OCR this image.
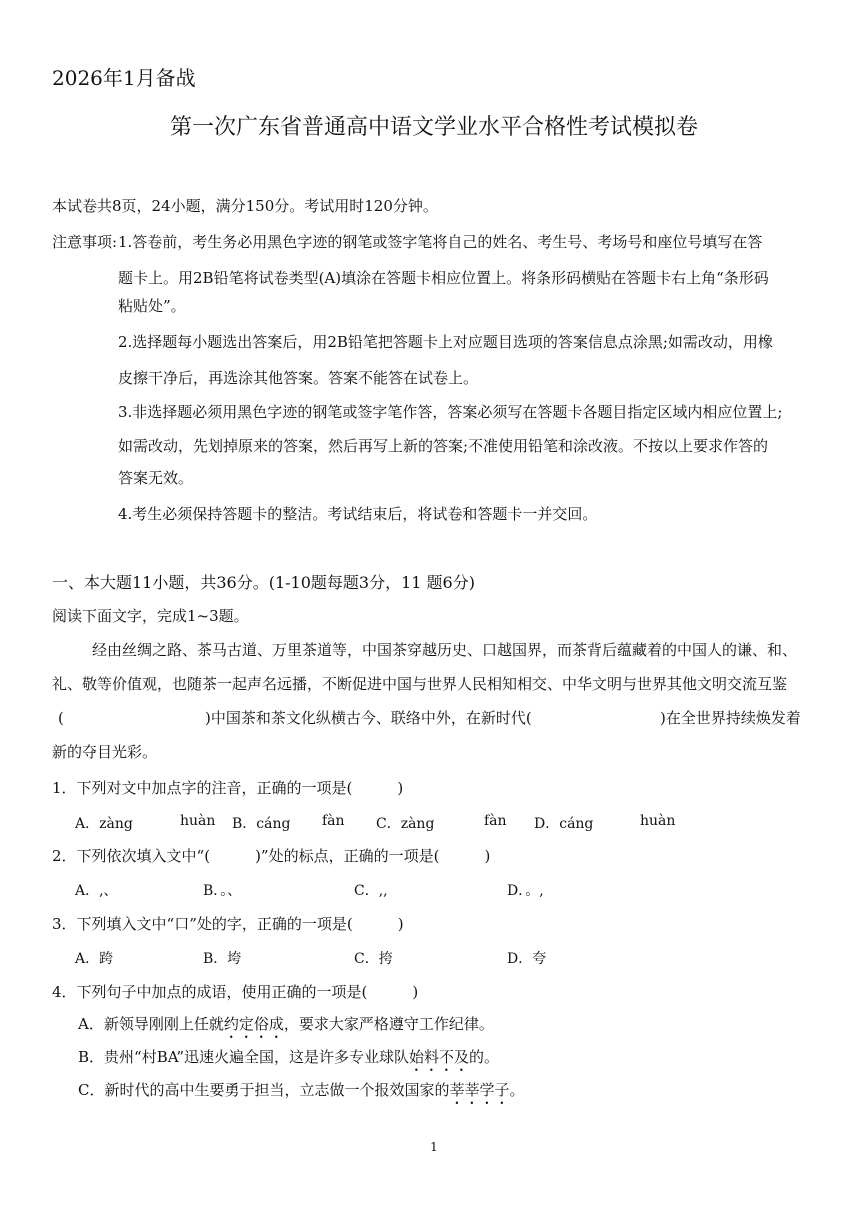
2026年1月备战
第一次广东省普通高中语文学业水平合格性考试模拟卷
本试卷共8页，24小题，满分150分。考试用时120分钟。
注意事项: 1.答卷前，考生务必用黑色字迹的钢笔或签字笔将自己的姓名、考生号、考场号和座位号填写在答
题卡上。用2B铅笔将试卷类型(A)填涂在答题卡相应位置上。将条形码横贴在答题卡右上角“条形码
粘贴处”。
2.选择题每小题选出答案后，用2B铅笔把答题卡上对应题目选项的答案信息点涂黑;如需改动，用橡
皮擦干净后，再选涂其他答案。答案不能答在试卷上。
3.非选择题必须用黑色字迹的钢笔或签字笔作答，答案必须写在答题卡各题目指定区域内相应位置上;
如需改动，先划掉原来的答案，然后再写上新的答案;不准使用铅笔和涂改液。不按以上要求作答的
答案无效。
4.考生必须保持答题卡的整洁。考试结束后，将试卷和答题卡一并交回。
一、本大题11小题，共36分。(1-10题每题3分，11 题6分)
阅读下面文字，完成1~3题。
经由丝绸之路、茶马古道、万里茶道等，中国茶穿越历史、口越国界，而茶背后蕴藏着的中国人的谦、和、
礼、敬等价值观，也随茶一起声名远播，不断促进中国与世界人民相知相交、中华文明与世界其他文明交流互鉴
(	)中国茶和茶文化纵横古今、联络中外，在新时代(	)在全世界持续焕发着
新的夺目光彩。
1．下列对文中加点字的注音，正确的一项是(　　　)
A．zàng	huàn B．cáng fàn C．zàng	fàn D．cáng	huàn
2．下列依次填入文中“(　　　)”处的标点，正确的一项是(　　　)
A．,、	B．。、	C．,,	D．。,
3．下列填入文中“口”处的字，正确的一项是(　　　)
A．跨	B．垮	C．挎	D．夸
4．下列句子中加点的成语，使用正确的一项是(　　　)
A．新领导刚刚上任就约定俗成，要求大家严格遵守工作纪律。
B．贵州“村BA”迅速火遍全国，这是许多专业球队始料不及的。
C．新时代的高中生要勇于担当，立志做一个报效国家的莘莘学子。
1
